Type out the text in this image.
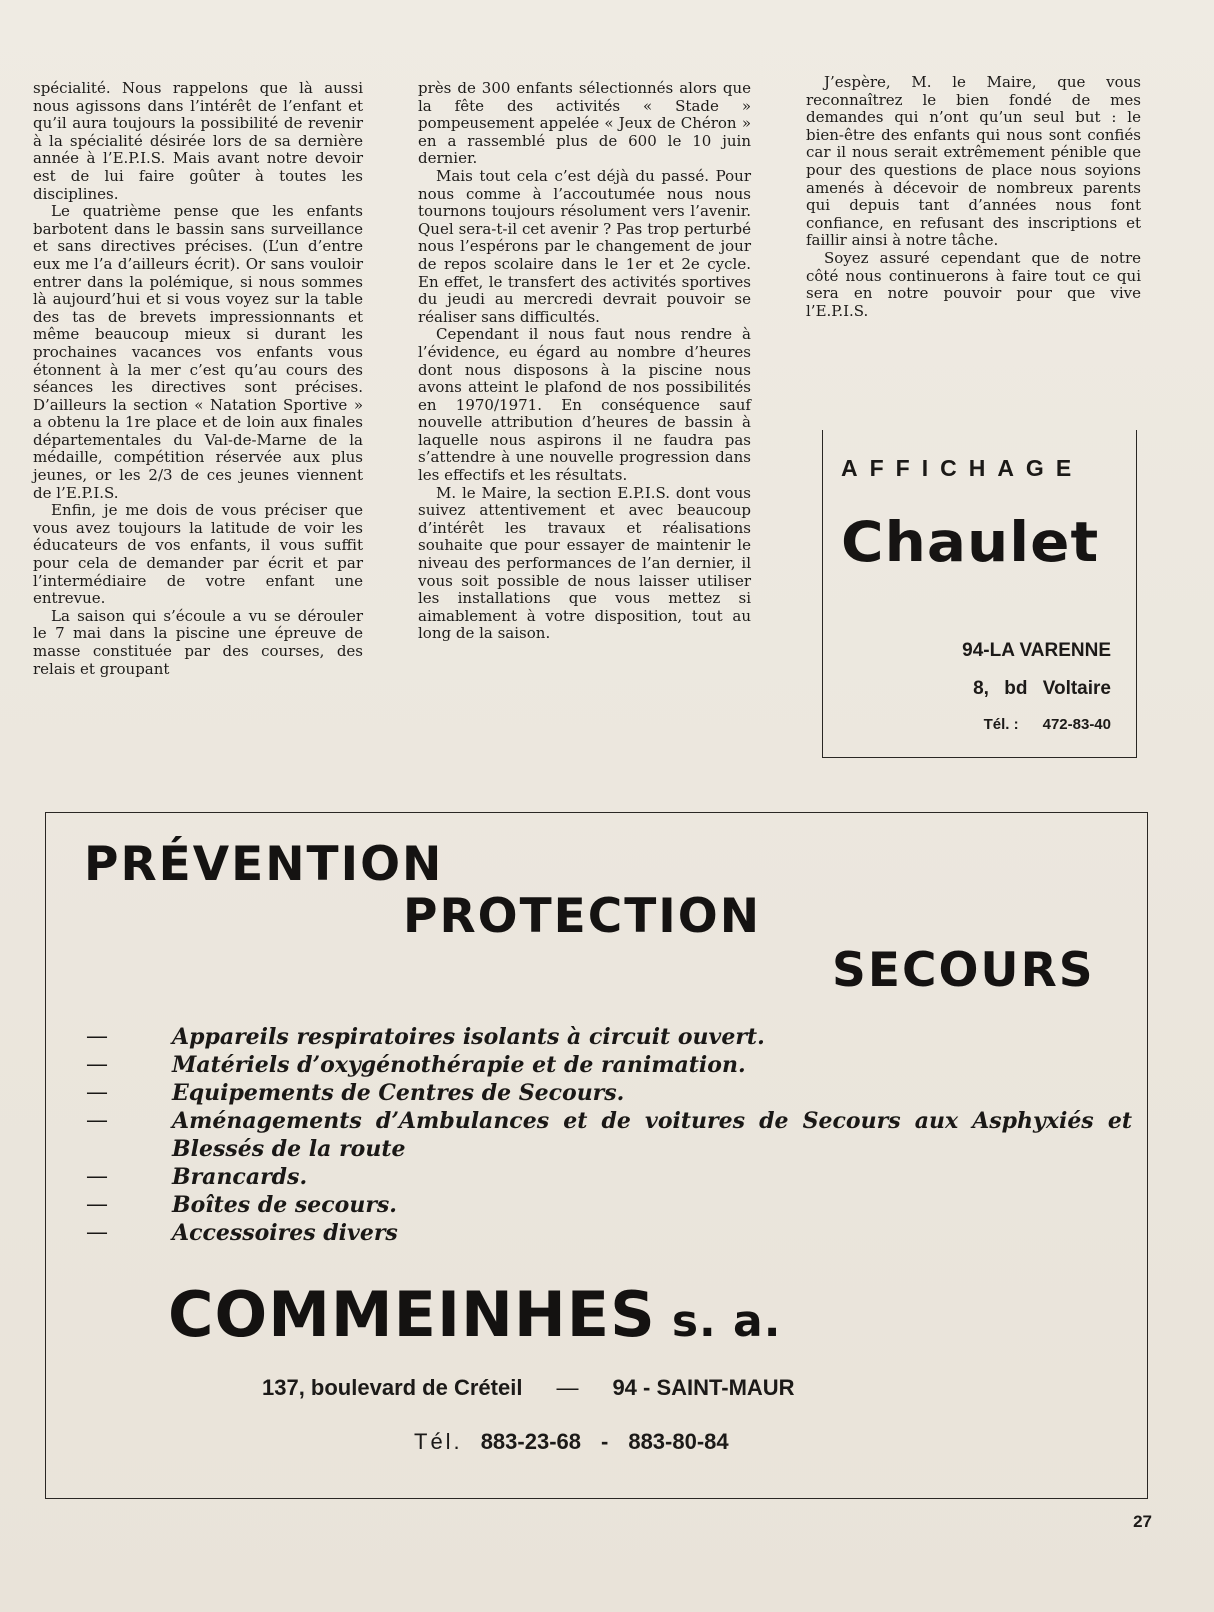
spécialité. Nous rappelons que là aussi nous agissons dans l’intérêt de l’enfant et qu’il aura toujours la possibilité de revenir à la spécialité désirée lors de sa dernière année à l’E.P.I.S. Mais avant notre devoir est de lui faire goûter à toutes les disciplines.

Le quatrième pense que les enfants barbotent dans le bassin sans surveillance et sans directives précises. (L’un d’entre eux me l’a d’ailleurs écrit). Or sans vouloir entrer dans la polémique, si nous sommes là aujourd’hui et si vous voyez sur la table des tas de brevets impressionnants et même beaucoup mieux si durant les prochaines vacances vos enfants vous étonnent à la mer c’est qu’au cours des séances les directives sont précises. D’ailleurs la section « Natation Sportive » a obtenu la 1re place et de loin aux finales départementales du Val-de-Marne de la médaille, compétition réservée aux plus jeunes, or les 2/3 de ces jeunes viennent de l’E.P.I.S.

Enfin, je me dois de vous préciser que vous avez toujours la latitude de voir les éducateurs de vos enfants, il vous suffit pour cela de demander par écrit et par l’intermédiaire de votre enfant une entrevue.

La saison qui s’écoule a vu se dérouler le 7 mai dans la piscine une épreuve de masse constituée par des courses, des relais et groupant

près de 300 enfants sélectionnés alors que la fête des activités « Stade » pompeusement appelée « Jeux de Chéron » en a rassemblé plus de 600 le 10 juin dernier.

Mais tout cela c’est déjà du passé. Pour nous comme à l’accoutumée nous nous tournons toujours résolument vers l’avenir. Quel sera-t-il cet avenir ? Pas trop perturbé nous l’espérons par le changement de jour de repos scolaire dans le 1er et 2e cycle. En effet, le transfert des activités sportives du jeudi au mercredi devrait pouvoir se réaliser sans difficultés.

Cependant il nous faut nous rendre à l’évidence, eu égard au nombre d’heures dont nous disposons à la piscine nous avons atteint le plafond de nos possibilités en 1970/1971. En conséquence sauf nouvelle attribution d’heures de bassin à laquelle nous aspirons il ne faudra pas s’attendre à une nouvelle progression dans les effectifs et les résultats.

M. le Maire, la section E.P.I.S. dont vous suivez attentivement et avec beaucoup d’intérêt les travaux et réalisations souhaite que pour essayer de maintenir le niveau des performances de l’an dernier, il vous soit possible de nous laisser utiliser les installations que vous mettez si aimablement à votre disposition, tout au long de la saison.

J’espère, M. le Maire, que vous reconnaîtrez le bien fondé de mes demandes qui n’ont qu’un seul but : le bien-être des enfants qui nous sont confiés car il nous serait extrêmement pénible que pour des questions de place nous soyions amenés à décevoir de nombreux parents qui depuis tant d’années nous font confiance, en refusant des inscriptions et faillir ainsi à notre tâche.

Soyez assuré cependant que de notre côté nous continuerons à faire tout ce qui sera en notre pouvoir pour que vive l’E.P.I.S.

AFFICHAGE
Chaulet
94-LA VARENNE
8, bd Voltaire
Tél. : 472-83-40
PRÉVENTION
PROTECTION
SECOURS
—	Appareils respiratoires isolants à circuit ouvert.
—	Matériels d’oxygénothérapie et de ranimation.
—	Equipements de Centres de Secours.
—	Aménagements d’Ambulances et de voitures de Secours aux Asphyxiés et Blessés de la route
—	Brancards.
—	Boîtes de secours.
—	Accessoires divers
COMMEINHES s. a.
137, boulevard de Créteil — 94 - SAINT-MAUR
Tél. 883-23-68 - 883-80-84
27
